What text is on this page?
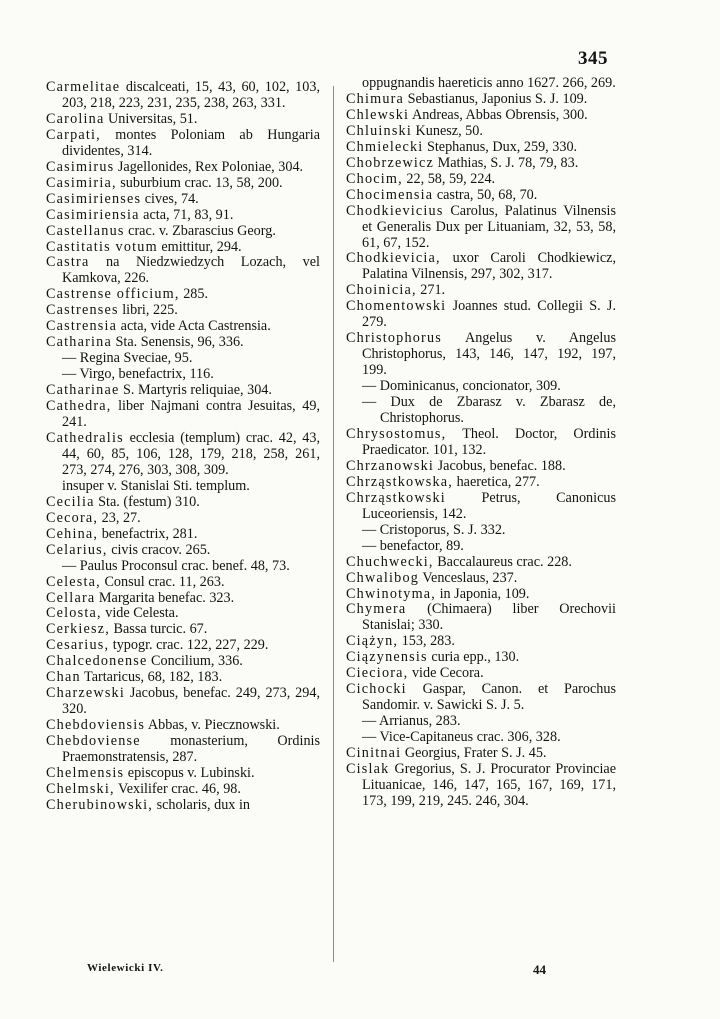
345

Carmelitae discalceati, 15, 43, 60, 102, 103, 203, 218, 223, 231, 235, 238, 263, 331.

Carolina Universitas, 51.

Carpati, montes Poloniam ab Hungaria dividentes, 314.

Casimirus Jagellonides, Rex Poloniae, 304.

Casimiria, suburbium crac. 13, 58, 200.

Casimirienses cives, 74.

Casimiriensia acta, 71, 83, 91.

Castellanus crac. v. Zbarascius Georg.

Castitatis votum emittitur, 294.

Castra na Niedzwiedzych Lozach, vel Kamkova, 226.

Castrense officium, 285.

Castrenses libri, 225.

Castrensia acta, vide Acta Castrensia.

Catharina Sta. Senensis, 96, 336.

— Regina Sveciae, 95.

— Virgo, benefactrix, 116.

Catharinae S. Martyris reliquiae, 304.

Cathedra, liber Najmani contra Jesuitas, 49, 241.

Cathedralis ecclesia (templum) crac. 42, 43, 44, 60, 85, 106, 128, 179, 218, 258, 261, 273, 274, 276, 303, 308, 309.

insuper v. Stanislai Sti. templum.

Cecilia Sta. (festum) 310.

Cecora, 23, 27.

Cehina, benefactrix, 281.

Celarius, civis cracov. 265.

— Paulus Proconsul crac. benef. 48, 73.

Celesta, Consul crac. 11, 263.

Cellara Margarita benefac. 323.

Celosta, vide Celesta.

Cerkiesz, Bassa turcic. 67.

Cesarius, typogr. crac. 122, 227, 229.

Chalcedonense Concilium, 336.

Chan Tartaricus, 68, 182, 183.

Charzewski Jacobus, benefac. 249, 273, 294, 320.

Chebdoviensis Abbas, v. Piecznowski.

Chebdoviense monasterium, Ordinis Praemonstratensis, 287.

Chelmensis episcopus v. Lubinski.

Chelmski, Vexilifer crac. 46, 98.

Cherubinowski, scholaris, dux in

oppugnandis haereticis anno 1627. 266, 269.

Chimura Sebastianus, Japonius S. J. 109.

Chlewski Andreas, Abbas Obrensis, 300.

Chluinski Kunesz, 50.

Chmielecki Stephanus, Dux, 259, 330.

Chobrzewicz Mathias, S. J. 78, 79, 83.

Chocim, 22, 58, 59, 224.

Chocimensia castra, 50, 68, 70.

Chodkievicius Carolus, Palatinus Vilnensis et Generalis Dux per Lituaniam, 32, 53, 58, 61, 67, 152.

Chodkievicia, uxor Caroli Chodkiewicz, Palatina Vilnensis, 297, 302, 317.

Choinicia, 271.

Chomentowski Joannes stud. Collegii S. J. 279.

Christophorus Angelus v. Angelus Christophorus, 143, 146, 147, 192, 197, 199.

— Dominicanus, concionator, 309.

— Dux de Zbarasz v. Zbarasz de, Christophorus.

Chrysostomus, Theol. Doctor, Ordinis Praedicator. 101, 132.

Chrzanowski Jacobus, benefac. 188.

Chrząstkowska, haeretica, 277.

Chrząstkowski Petrus, Canonicus Luceoriensis, 142.

— Cristoporus, S. J. 332.

— benefactor, 89.

Chuchwecki, Baccalaureus crac. 228.

Chwalibog Venceslaus, 237.

Chwinotyma, in Japonia, 109.

Chymera (Chimaera) liber Orechovii Stanislai; 330.

Ciążyn, 153, 283.

Ciązynensis curia epp., 130.

Cieciora, vide Cecora.

Cichocki Gaspar, Canon. et Parochus Sandomir. v. Sawicki S. J. 5.

— Arrianus, 283.

— Vice-Capitaneus crac. 306, 328.

Cinitnai Georgius, Frater S. J. 45.

Cislak Gregorius, S. J. Procurator Provinciae Lituanicae, 146, 147, 165, 167, 169, 171, 173, 199, 219, 245. 246, 304.

Wielewicki IV.	44
